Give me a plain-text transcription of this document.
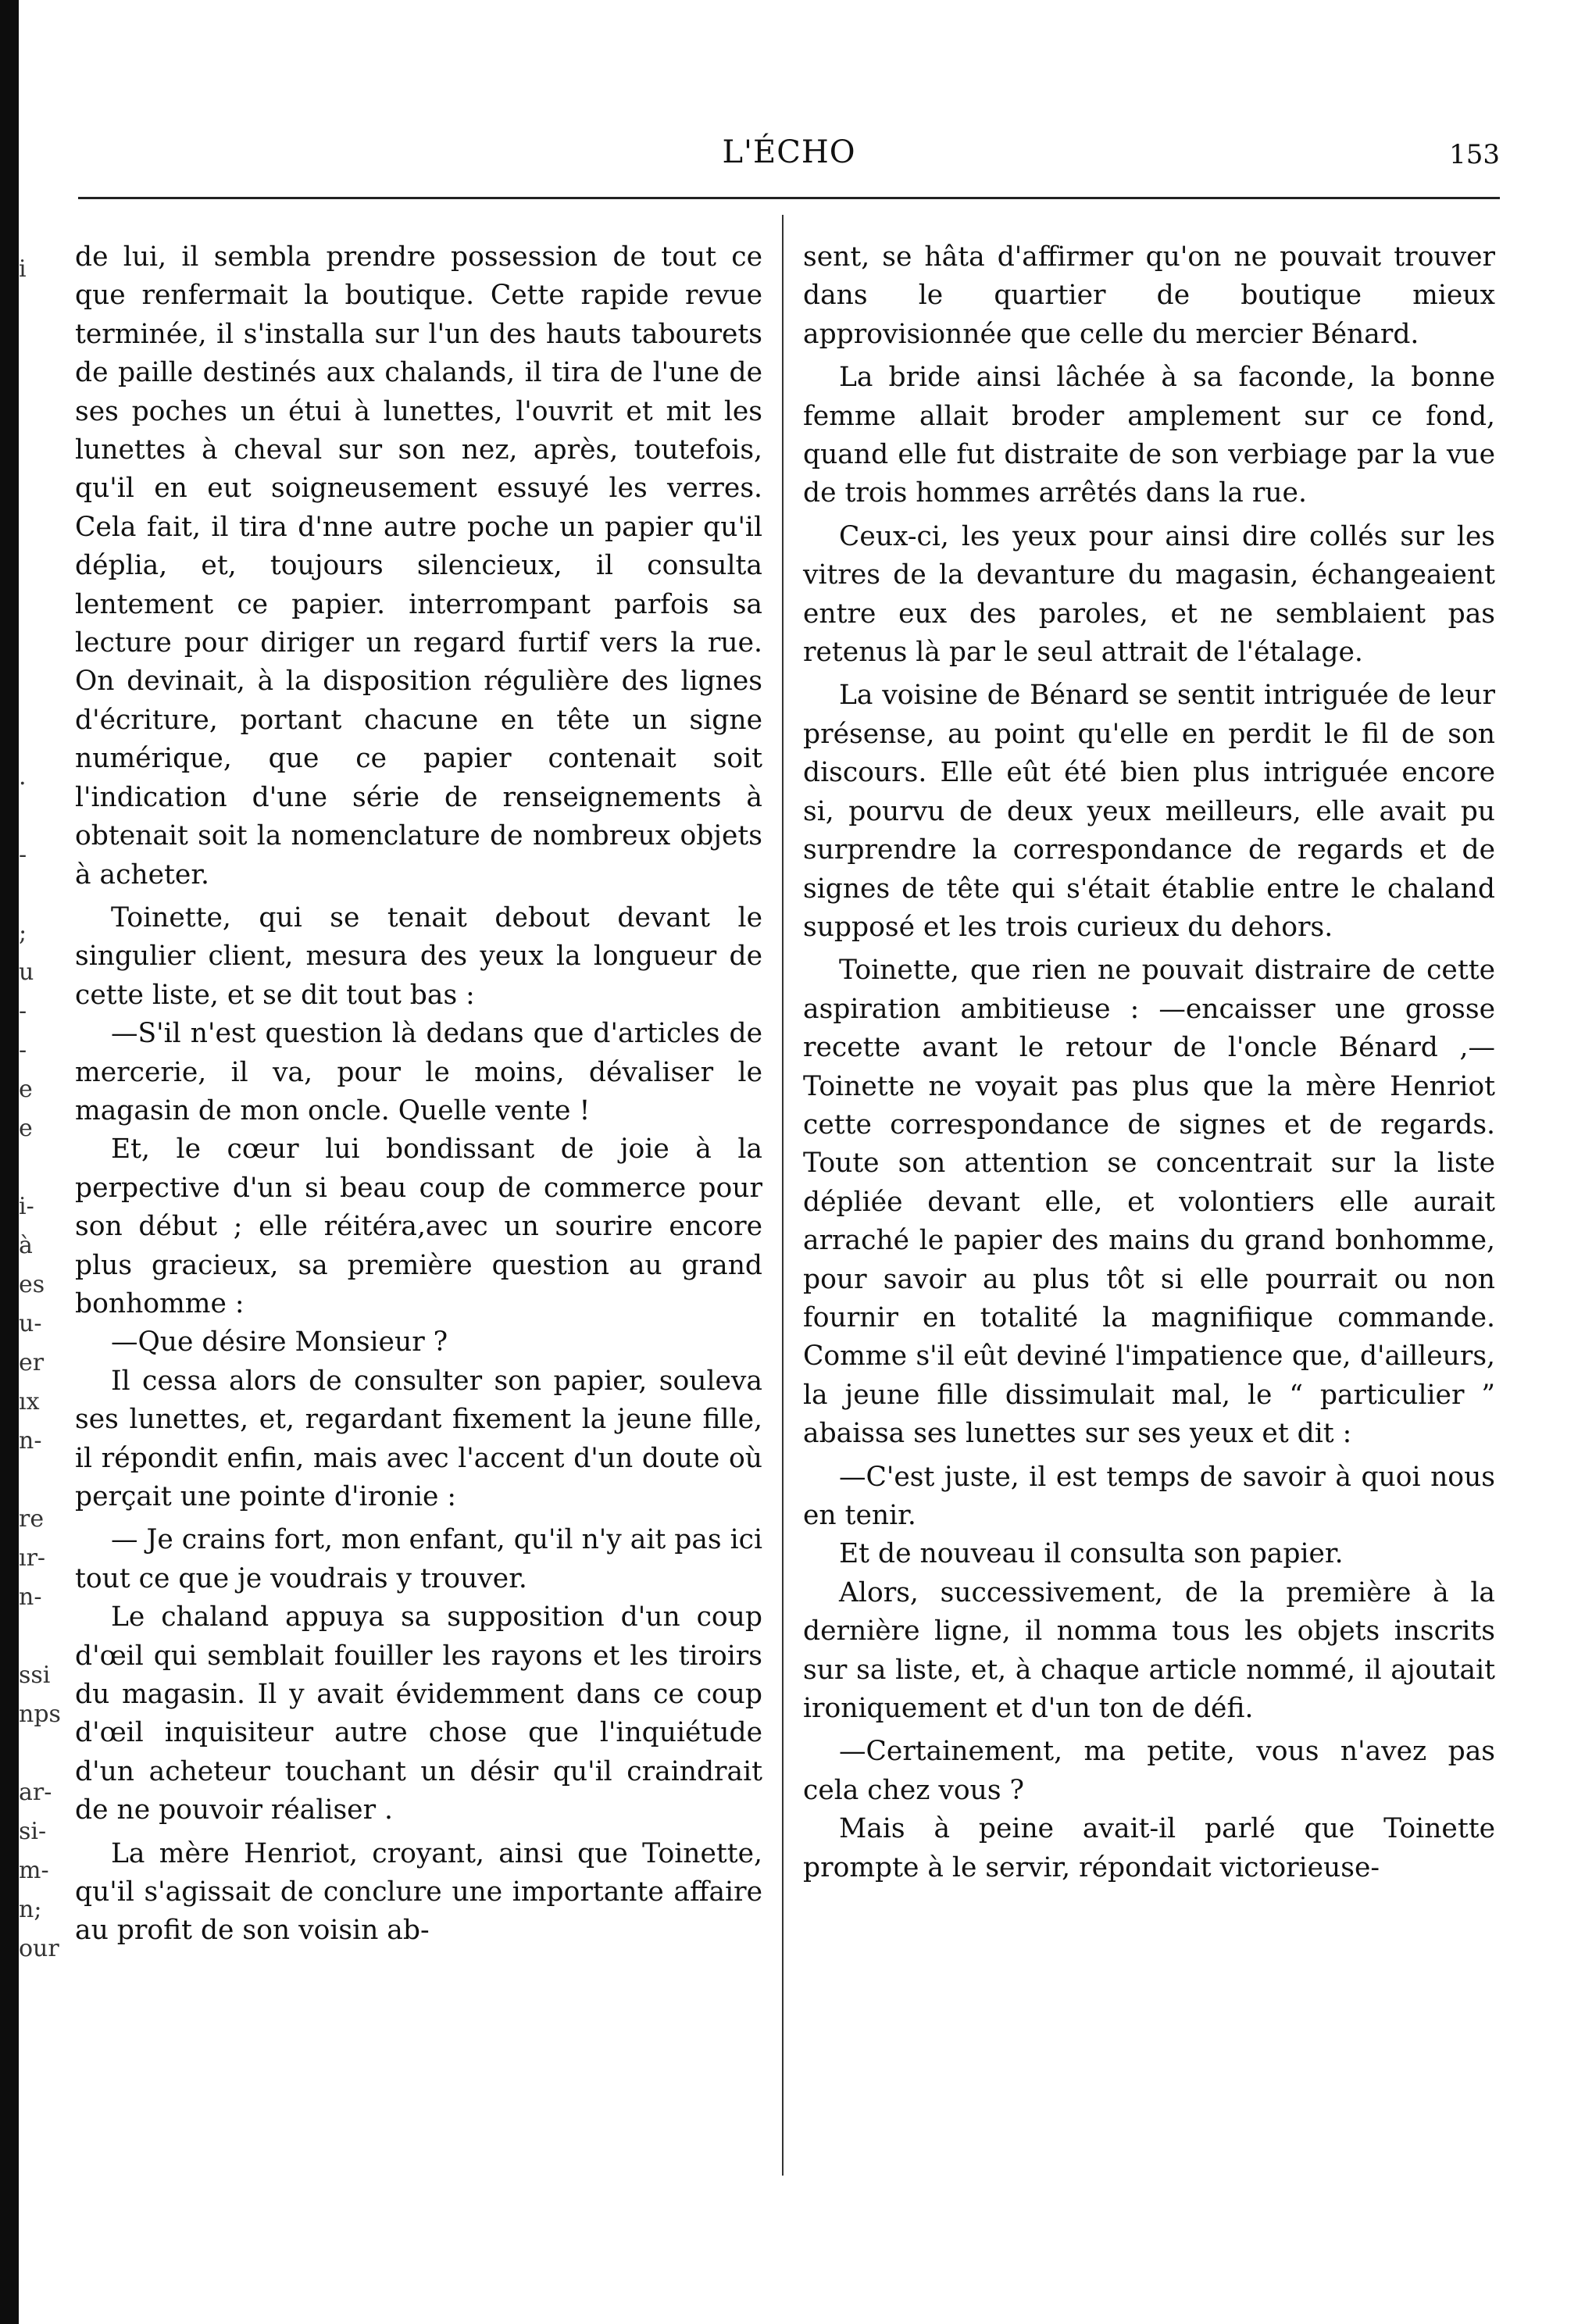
i
.
-
;
u
-
-
e
e
i-
à
es
u-
er
ıx
n-
re
ır-
n-
ssi
nps
ar-
si-
m-
n;
our
L'ÉCHO	153

de lui, il sembla prendre possession de tout ce que renfermait la boutique. Cette rapide revue terminée, il s'installa sur l'un des hauts tabourets de paille destinés aux chalands, il tira de l'une de ses poches un étui à lunettes, l'ouvrit et mit les lunettes à cheval sur son nez, après, toutefois, qu'il en eut soigneusement essuyé les verres. Cela fait, il tira d'nne autre poche un papier qu'il déplia, et, toujours silencieux, il consulta lentement ce papier. interrompant parfois sa lecture pour diriger un regard furtif vers la rue. On devinait, à la disposition régulière des lignes d'écriture, portant chacune en tête un signe numérique, que ce papier contenait soit l'indication d'une série de renseignements à obtenait soit la nomenclature de nombreux objets à acheter.

Toinette, qui se tenait debout devant le singulier client, mesura des yeux la longueur de cette liste, et se dit tout bas :

—S'il n'est question là dedans que d'articles de mercerie, il va, pour le moins, dévaliser le magasin de mon oncle. Quelle vente !

Et, le cœur lui bondissant de joie à la perpective d'un si beau coup de commerce pour son début ; elle réitéra,avec un sourire encore plus gracieux, sa première question au grand bonhomme :

—Que désire Monsieur ?

Il cessa alors de consulter son papier, souleva ses lunettes, et, regardant fixement la jeune fille, il répondit enfin, mais avec l'accent d'un doute où perçait une pointe d'ironie :

— Je crains fort, mon enfant, qu'il n'y ait pas ici tout ce que je voudrais y trouver.

Le chaland appuya sa supposition d'un coup d'œil qui semblait fouiller les rayons et les tiroirs du magasin. Il y avait évidemment dans ce coup d'œil inquisiteur autre chose que l'inquiétude d'un acheteur touchant un désir qu'il craindrait de ne pouvoir réaliser .

La mère Henriot, croyant, ainsi que Toinette, qu'il s'agissait de conclure une importante affaire au profit de son voisin ab-

sent, se hâta d'affirmer qu'on ne pouvait trouver dans le quartier de boutique mieux approvisionnée que celle du mercier Bénard.

La bride ainsi lâchée à sa faconde, la bonne femme allait broder amplement sur ce fond, quand elle fut distraite de son verbiage par la vue de trois hommes arrêtés dans la rue.

Ceux-ci, les yeux pour ainsi dire collés sur les vitres de la devanture du magasin, échangeaient entre eux des paroles, et ne semblaient pas retenus là par le seul attrait de l'étalage.

La voisine de Bénard se sentit intriguée de leur présense, au point qu'elle en perdit le fil de son discours. Elle eût été bien plus intriguée encore si, pourvu de deux yeux meilleurs, elle avait pu surprendre la correspondance de regards et de signes de tête qui s'était établie entre le chaland supposé et les trois curieux du dehors.

Toinette, que rien ne pouvait distraire de cette aspiration ambitieuse : —encaisser une grosse recette avant le retour de l'oncle Bénard ,—Toinette ne voyait pas plus que la mère Henriot cette correspondance de signes et de regards. Toute son attention se concentrait sur la liste dépliée devant elle, et volontiers elle aurait arraché le papier des mains du grand bonhomme, pour savoir au plus tôt si elle pourrait ou non fournir en totalité la magnifiique commande. Comme s'il eût deviné l'impatience que, d'ailleurs, la jeune fille dissimulait mal, le “ particulier ” abaissa ses lunettes sur ses yeux et dit :

—C'est juste, il est temps de savoir à quoi nous en tenir.

Et de nouveau il consulta son papier.

Alors, successivement, de la première à la dernière ligne, il nomma tous les objets inscrits sur sa liste, et, à chaque article nommé, il ajoutait ironiquement et d'un ton de défi.

—Certainement, ma petite, vous n'avez pas cela chez vous ?

Mais à peine avait-il parlé que Toinette prompte à le servir, répondait victorieuse-
